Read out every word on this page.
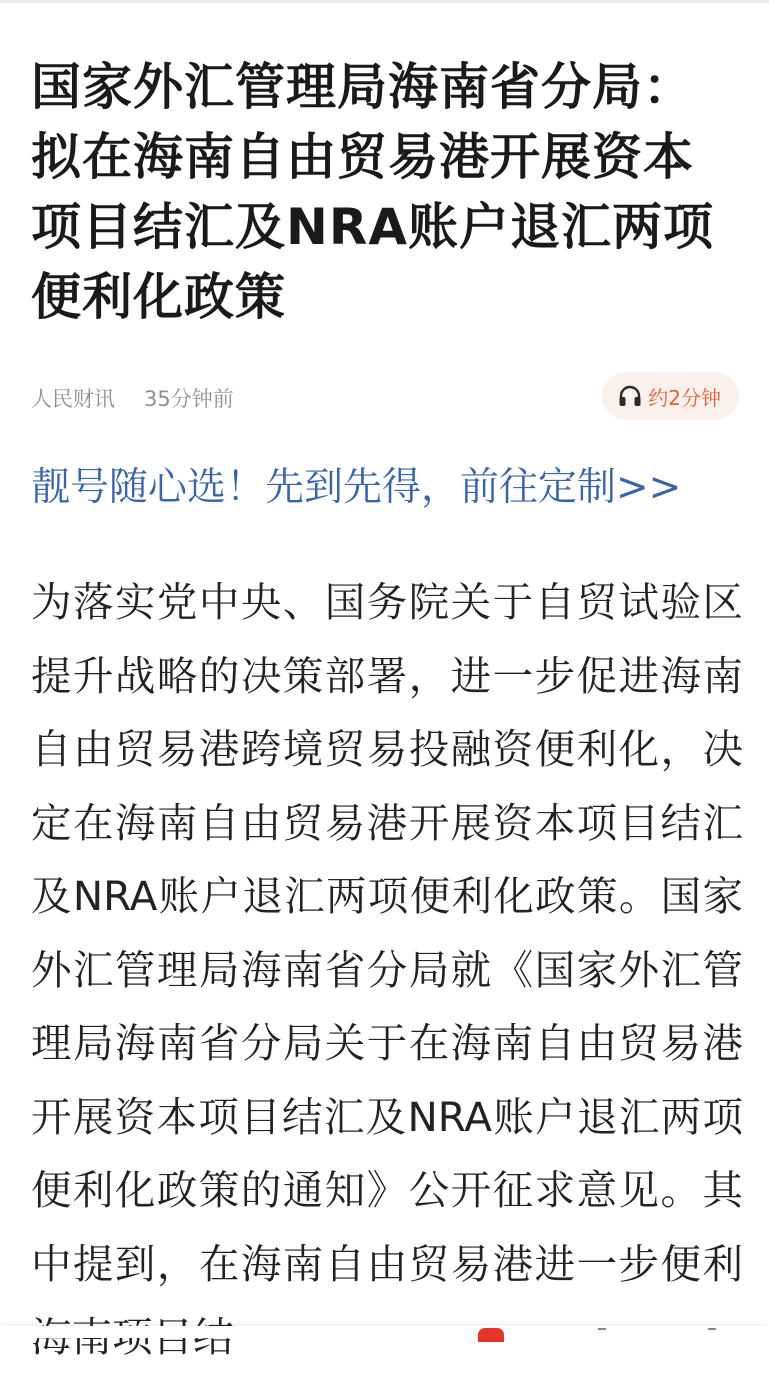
国家外汇管理局海南省分局：拟在海南自由贸易港开展资本项目结汇及NRA账户退汇两项便利化政策
人民财讯 35分钟前	约2分钟
靓号随心选！先到先得，前往定制>>

为落实党中央、国务院关于自贸试验区提升战略的决策部署，进一步促进海南自由贸易港跨境贸易投融资便利化，决定在海南自由贸易港开展资本项目结汇及NRA账户退汇两项便利化政策。国家外汇管理局海南省分局就《国家外汇管理局海南省分局关于在海南自由贸易港开展资本项目结汇及NRA账户退汇两项便利化政策的通知》公开征求意见。其中提到，在海南自由贸易港进一步便利
